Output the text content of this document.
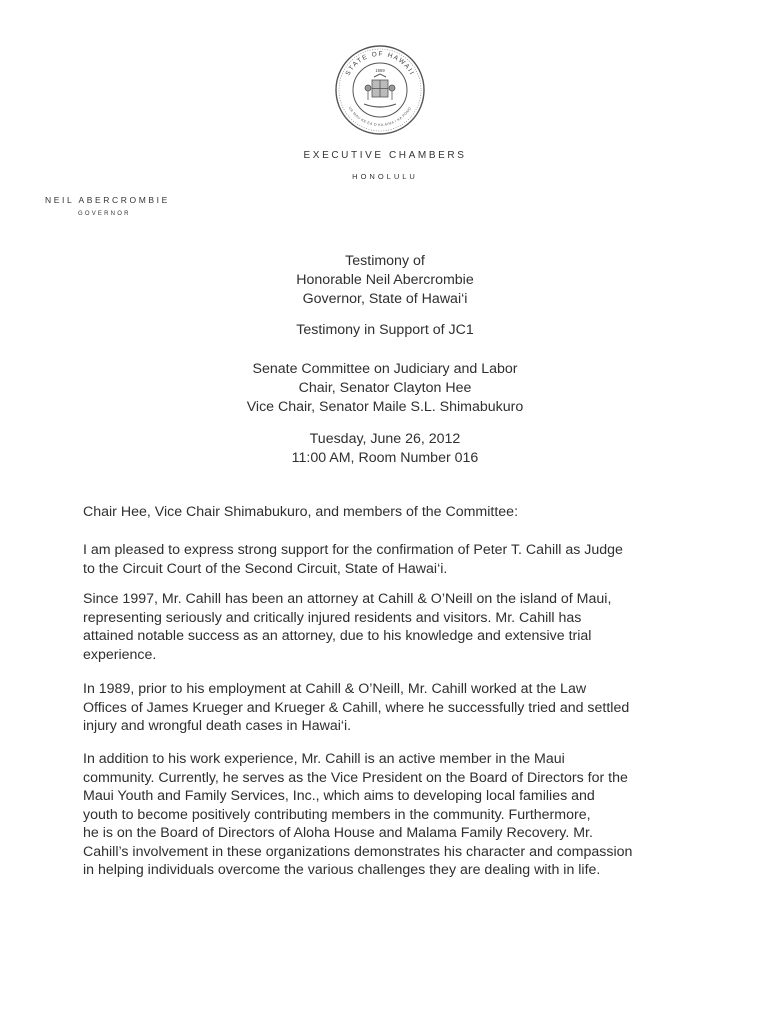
STATE OF HAWAII
UA MAU KE EA O KA AINA I KA PONO
1959
EXECUTIVE CHAMBERS
HONOLULU
NEIL ABERCROMBIE
GOVERNOR
Testimony of
Honorable Neil Abercrombie
Governor, State of Hawai‘i
Testimony in Support of JC1
Senate Committee on Judiciary and Labor
Chair, Senator Clayton Hee
Vice Chair, Senator Maile S.L. Shimabukuro
Tuesday, June 26, 2012
11:00 AM, Room Number 016

Chair Hee, Vice Chair Shimabukuro, and members of the Committee:

I am pleased to express strong support for the confirmation of Peter T. Cahill as Judge

to the Circuit Court of the Second Circuit, State of Hawai‘i.

Since 1997, Mr. Cahill has been an attorney at Cahill & O’Neill on the island of Maui,

representing seriously and critically injured residents and visitors. Mr. Cahill has

attained notable success as an attorney, due to his knowledge and extensive trial

experience.

In 1989, prior to his employment at Cahill & O’Neill, Mr. Cahill worked at the Law

Offices of James Krueger and Krueger & Cahill, where he successfully tried and settled

injury and wrongful death cases in Hawai‘i.

In addition to his work experience, Mr. Cahill is an active member in the Maui

community. Currently, he serves as the Vice President on the Board of Directors for the

Maui Youth and Family Services, Inc., which aims to developing local families and

youth to become positively contributing members in the community. Furthermore,

he is on the Board of Directors of Aloha House and Malama Family Recovery. Mr.

Cahill’s involvement in these organizations demonstrates his character and compassion

in helping individuals overcome the various challenges they are dealing with in life.
